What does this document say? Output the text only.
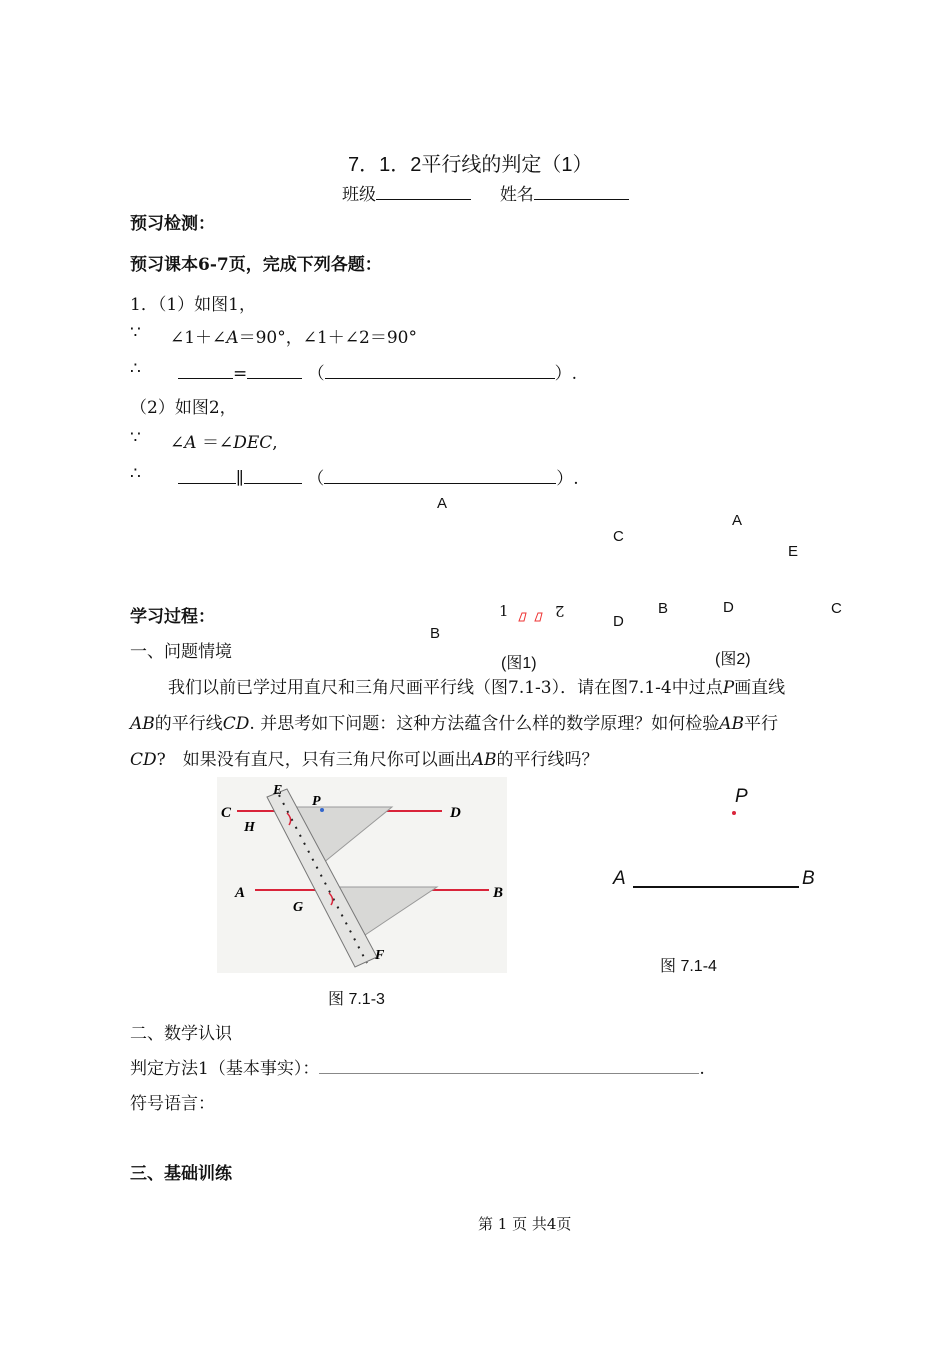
7．1．2平行线的判定（1）
班级	姓名
预习检测：
预习课本6-7页，完成下列各题：
1．（1）如图1，
∵ ∠1＋∠A＝90°，∠1＋∠2＝90°
∴	=	（	）.
（2）如图2，
∵ ∠A ＝∠DEC,
∴	∥	（	）.
A
C
1	2
D
B
(图1)
A
E
B	D	C
(图2)
学习过程：
一、问题情境
我们以前已学过用直尺和三角尺画平行线（图7.1-3）．请在图7.1-4中过点P画直线
AB的平行线CD. 并思考如下问题：这种方法蕴含什么样的数学原理？如何检验AB平行
CD?　如果没有直尺，只有三角尺你可以画出AB的平行线吗？
C	D
E
H
P
A	B
G
F
图 7.1-3
P
A	B
图 7.1-4
二、数学认识
判定方法1（基本事实）：	.
符号语言：
三、基础训练
第 1 页 共4页
